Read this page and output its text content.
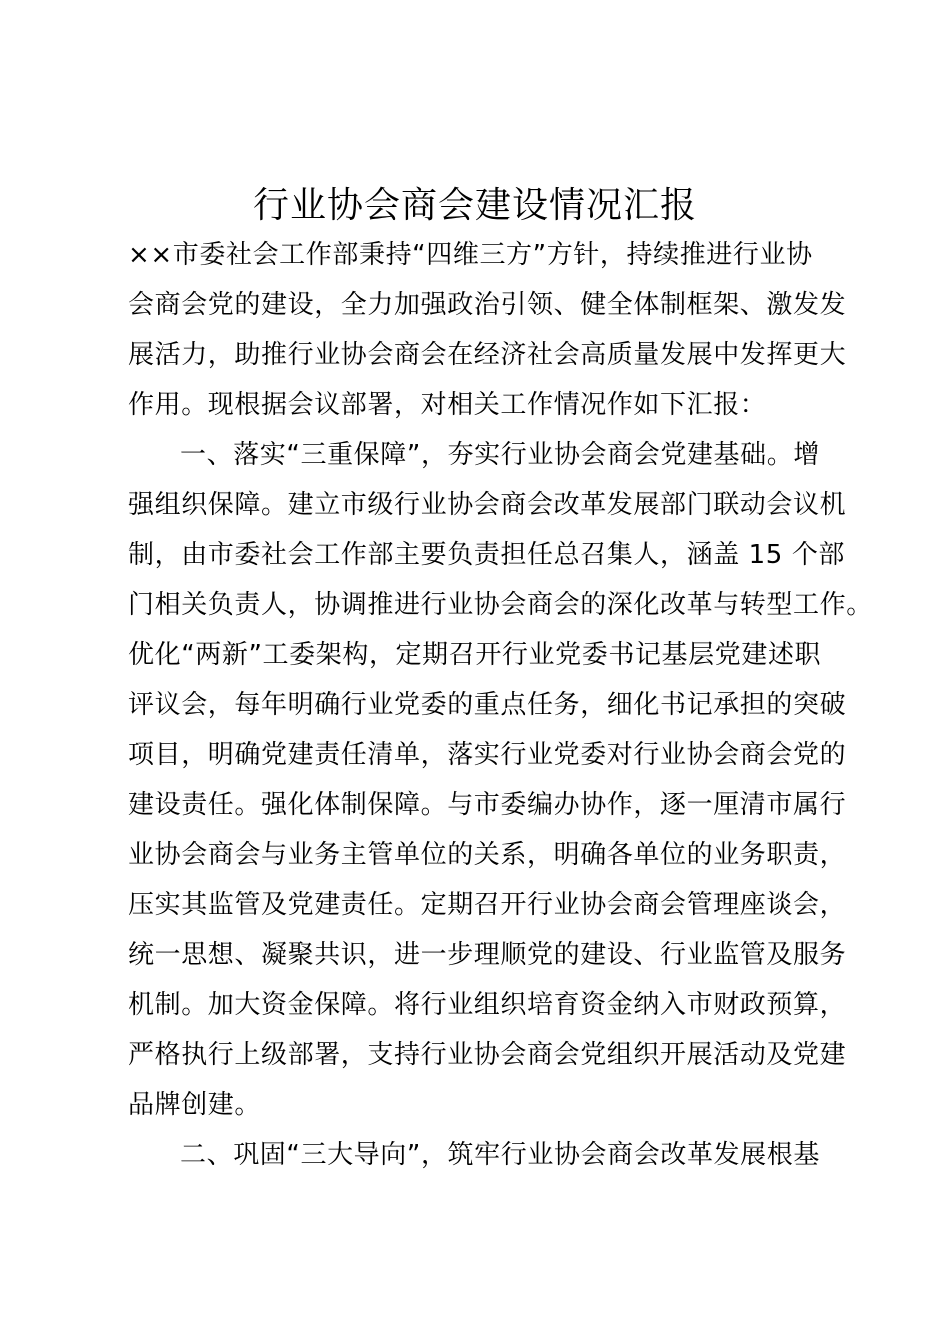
行业协会商会建设情况汇报

××市委社会工作部秉持“四维三方”方针，持续推进行业协

会商会党的建设，全力加强政治引领、健全体制框架、激发发

展活力，助推行业协会商会在经济社会高质量发展中发挥更大

作用。现根据会议部署，对相关工作情况作如下汇报：

一、落实“三重保障”，夯实行业协会商会党建基础。增

强组织保障。建立市级行业协会商会改革发展部门联动会议机

制，由市委社会工作部主要负责担任总召集人，涵盖 15 个部

门相关负责人，协调推进行业协会商会的深化改革与转型工作。

优化“两新”工委架构，定期召开行业党委书记基层党建述职

评议会，每年明确行业党委的重点任务，细化书记承担的突破

项目，明确党建责任清单，落实行业党委对行业协会商会党的

建设责任。强化体制保障。与市委编办协作，逐一厘清市属行

业协会商会与业务主管单位的关系，明确各单位的业务职责，

压实其监管及党建责任。定期召开行业协会商会管理座谈会，

统一思想、凝聚共识，进一步理顺党的建设、行业监管及服务

机制。加大资金保障。将行业组织培育资金纳入市财政预算，

严格执行上级部署，支持行业协会商会党组织开展活动及党建

品牌创建。

二、巩固“三大导向”，筑牢行业协会商会改革发展根基
